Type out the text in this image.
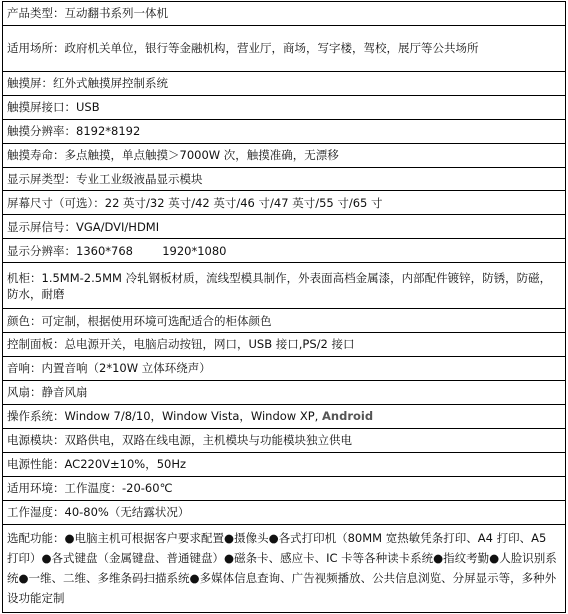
产品类型：互动翻书系列一体机
适用场所：政府机关单位，银行等金融机构，营业厅，商场，写字楼，驾校，展厅等公共场所
触摸屏：红外式触摸屏控制系统
触摸屏接口：USB
触摸分辨率：8192*8192
触摸寿命：多点触摸，单点触摸＞7000W 次，触摸准确，无漂移
显示屏类型：专业工业级液晶显示模块
屏幕尺寸（可选）：22 英寸/32 英寸/42 英寸/46 寸/47 英寸/55 寸/65 寸
显示屏信号：VGA/DVI/HDMI
显示分辨率：1360*768        1920*1080
机柜：1.5MM-2.5MM 冷轧钢板材质，流线型模具制作，外表面高档金属漆，内部配件镀锌，防锈，防磁，防水，耐磨
颜色：可定制，根据使用环境可选配适合的柜体颜色
控制面板：总电源开关，电脑启动按钮，网口，USB 接口,PS/2 接口
音响：内置音响（2*10W 立体环绕声）
风扇：静音风扇
操作系统：Window 7/8/10，Window Vista，Window XP, Android
电源模块：双路供电，双路在线电源，主机模块与功能模块独立供电
电源性能：AC220V±10%，50Hz
适用环境：工作温度：-20-60℃
工作湿度：40-80%（无结露状况）
选配功能：●电脑主机可根据客户要求配置●摄像头●各式打印机（80MM 宽热敏凭条打印、A4 打印、A5 打印）●各式键盘（金属键盘、普通键盘）●磁条卡、感应卡、IC 卡等各种读卡系统●指纹考勤●人脸识别系统●一维、二维、多维条码扫描系统●多媒体信息查询、广告视频播放、公共信息浏览、分屏显示等，多种外设功能定制
